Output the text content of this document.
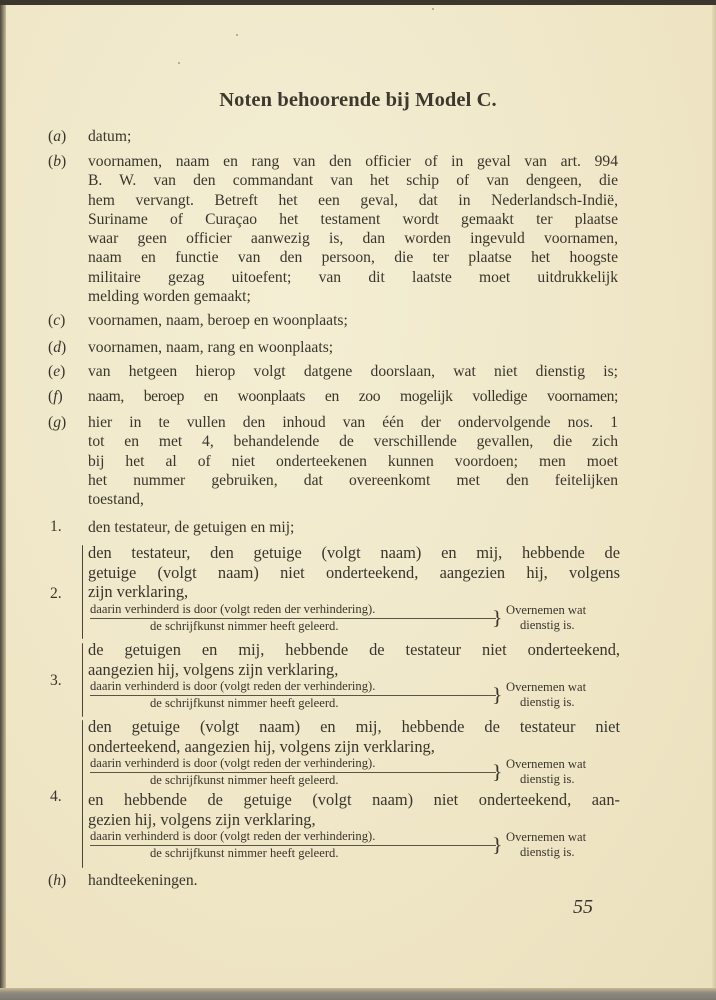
Noten behoorende bij Model C.
(a)	datum;
(b)	voornamen, naam en rang van den officier of in geval van art. 994
B. W. van den commandant van het schip of van dengeen, die
hem vervangt. Betreft het een geval, dat in Nederlandsch-Indië,
Suriname of Curaçao het testament wordt gemaakt ter plaatse
waar geen officier aanwezig is, dan worden ingevuld voornamen,
naam en functie van den persoon, die ter plaatse het hoogste
militaire gezag uitoefent; van dit laatste moet uitdrukkelijk
melding worden gemaakt;
(c)	voornamen, naam, beroep en woonplaats;
(d)	voornamen, naam, rang en woonplaats;
(e)	van hetgeen hierop volgt datgene doorslaan, wat niet dienstig is;
(f)	naam, beroep en woonplaats en zoo mogelijk volledige voornamen;
(g)	hier in te vullen den inhoud van één der ondervolgende nos. 1
tot en met 4, behandelende de verschillende gevallen, die zich
bij het al of niet onderteekenen kunnen voordoen; men moet
het nummer gebruiken, dat overeenkomt met den feitelijken
toestand,
1. den testateur, de getuigen en mij;
2.
den testateur, den getuige (volgt naam) en mij, hebbende de
getuige (volgt naam) niet onderteekend, aangezien hij, volgens
zijn verklaring,
daarin verhinderd is door (volgt reden der verhindering).
de schrijfkunst nimmer heeft geleerd.	} Overnemen wat
dienstig is.
3.
de getuigen en mij, hebbende de testateur niet onderteekend,
aangezien hij, volgens zijn verklaring,
daarin verhinderd is door (volgt reden der verhindering).
de schrijfkunst nimmer heeft geleerd.	} Overnemen wat
dienstig is.
4.
den getuige (volgt naam) en mij, hebbende de testateur niet
onderteekend, aangezien hij, volgens zijn verklaring,
daarin verhinderd is door (volgt reden der verhindering).
de schrijfkunst nimmer heeft geleerd.	} Overnemen wat
dienstig is.
en hebbende de getuige (volgt naam) niet onderteekend, aan-
gezien hij, volgens zijn verklaring,
daarin verhinderd is door (volgt reden der verhindering).
de schrijfkunst nimmer heeft geleerd.	} Overnemen wat
dienstig is.
(h)	handteekeningen.
55
